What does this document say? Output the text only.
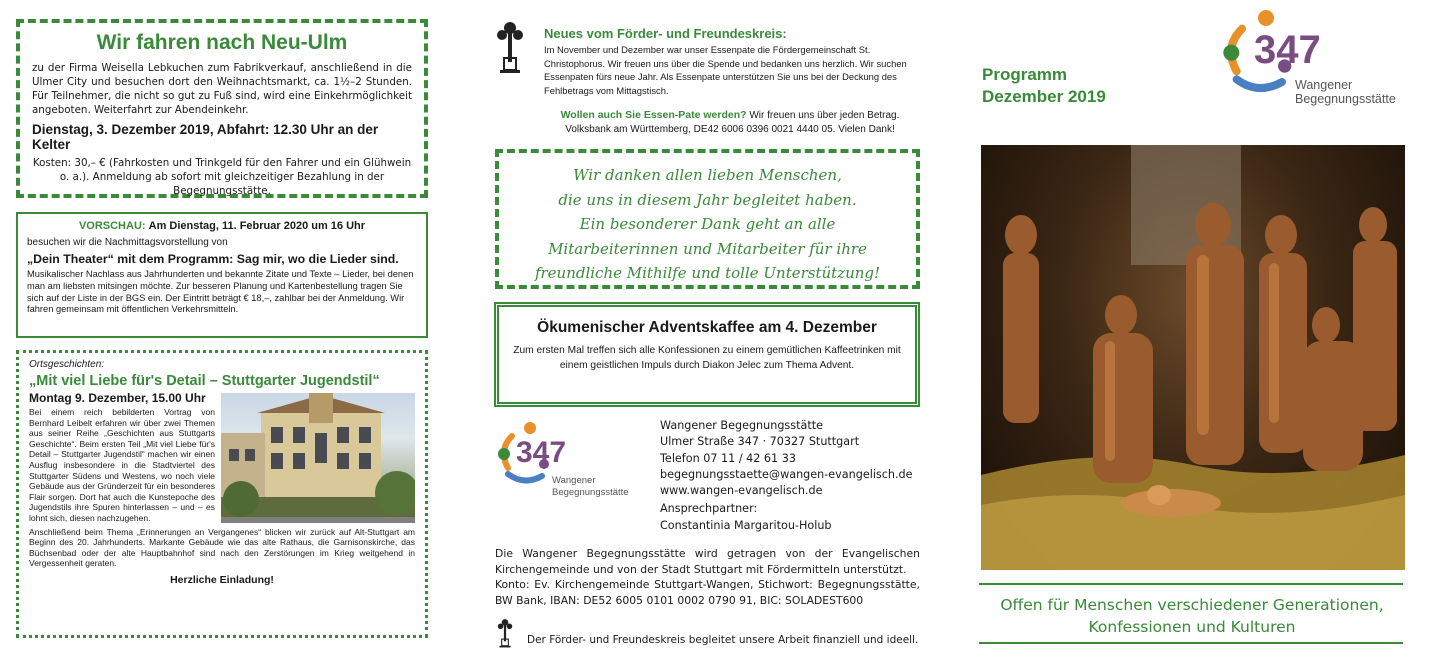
Wir fahren nach Neu-Ulm

zu der Firma Weisella Lebkuchen zum Fabrikverkauf, anschließend in die Ulmer City und besuchen dort den Weihnachtsmarkt, ca. 1½–2 Stunden. Für Teilnehmer, die nicht so gut zu Fuß sind, wird eine Einkehrmöglichkeit angeboten. Weiterfahrt zur Abendeinkehr.

Dienstag, 3. Dezember 2019, Abfahrt: 12.30 Uhr an der Kelter

Kosten: 30,– € (Fahrkosten und Trinkgeld für den Fahrer und ein Glühwein o. a.). Anmeldung ab sofort mit gleichzeitiger Bezahlung in der Begegnungsstätte.

VORSCHAU: Am Dienstag, 11. Februar 2020 um 16 Uhr

besuchen wir die Nachmittagsvorstellung von

„Dein Theater“ mit dem Programm: Sag mir, wo die Lieder sind.

Musikalischer Nachlass aus Jahrhunderten und bekannte Zitate und Texte – Lieder, bei denen man am liebsten mitsingen möchte. Zur besseren Planung und Kartenbestellung tragen Sie sich auf der Liste in der BGS ein. Der Eintritt beträgt € 18,–, zahlbar bei der Anmeldung. Wir fahren gemeinsam mit öffentlichen Verkehrsmitteln.

Ortsgeschichten:

„Mit viel Liebe für's Detail – Stuttgarter Jugendstil“

Montag 9. Dezember, 15.00 Uhr

Bei einem reich bebilderten Vortrag von Bernhard Leibelt erfahren wir über zwei Themen aus seiner Reihe „Geschichten aus Stuttgarts Geschichte“. Beim ersten Teil „Mit viel Liebe für's Detail – Stuttgarter Jugendstil“ machen wir einen Ausflug insbesondere in die Stadtviertel des Stuttgarter Südens und Westens, wo noch viele Gebäude aus der Gründerzeit für ein besonderes Flair sorgen. Dort hat auch die Kunstepoche des Jugendstils ihre Spuren hinterlassen – und – es lohnt sich, diesen nachzugehen.

Anschließend beim Thema „Erinnerungen an Vergangenes“ blicken wir zurück auf Alt-Stuttgart am Beginn des 20. Jahrhunderts. Markante Gebäude wie das alte Rathaus, die Garnisonskirche, das Büchsenbad oder der alte Hauptbahnhof sind nach den Zerstörungen im Krieg weitgehend in Vergessenheit geraten.

Herzliche Einladung!

Neues vom Förder- und Freundeskreis:

Im November und Dezember war unser Essenpate die Fördergemeinschaft St. Christophorus. Wir freuen uns über die Spende und bedanken uns herzlich. Wir suchen Essenpaten fürs neue Jahr. Als Essenpate unterstützen Sie uns bei der Deckung des Fehlbetrags vom Mittagstisch.

Wollen auch Sie Essen-Pate werden? Wir freuen uns über jeden Betrag.

Volksbank am Württemberg, DE42 6006 0396 0021 4440 05. Vielen Dank!

Wir danken allen lieben Menschen,

die uns in diesem Jahr begleitet haben.

Ein besonderer Dank geht an alle

Mitarbeiterinnen und Mitarbeiter für ihre

freundliche Mithilfe und tolle Unterstützung!

Ökumenischer Adventskaffee am 4. Dezember

Zum ersten Mal treffen sich alle Konfessionen zu einem gemütlichen Kaffeetrinken mit einem geistlichen Impuls durch Diakon Jelec zum Thema Advent.

347
Wangener
Begegnungsstätte

Wangener Begegnungsstätte

Ulmer Straße 347 · 70327 Stuttgart

Telefon 07 11 / 42 61 33

begegnungsstaette@wangen-evangelisch.de

www.wangen-evangelisch.de

Ansprechpartner:

Constantinia Margaritou-Holub

Die Wangener Begegnungsstätte wird getragen von der Evangelischen Kirchengemeinde und von der Stadt Stuttgart mit Fördermitteln unterstützt.

Konto: Ev. Kirchengemeinde Stuttgart-Wangen, Stichwort: Begegnungsstätte, BW Bank, IBAN: DE52 6005 0101 0002 0790 91, BIC: SOLADEST600

Der Förder- und Freundeskreis begleitet unsere Arbeit finanziell und ideell.

Programm

Dezember 2019

347
Wangener
Begegnungsstätte

Offen für Menschen verschiedener Generationen,

Konfessionen und Kulturen
